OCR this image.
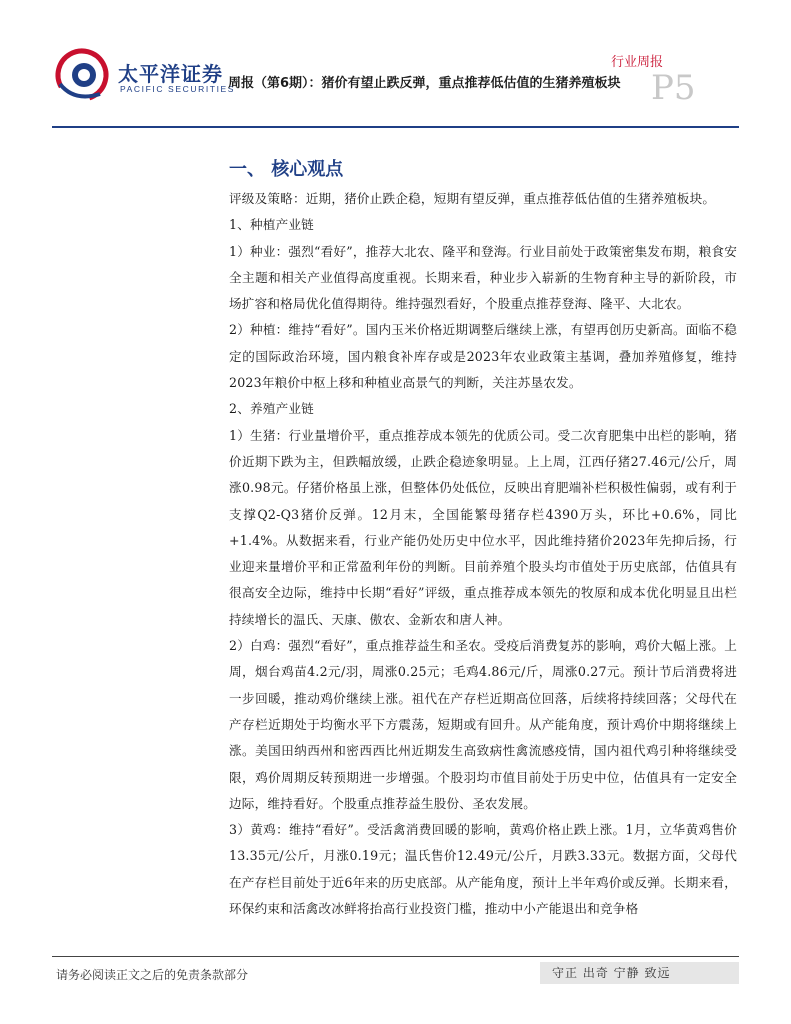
太平洋证券
PACIFIC SECURITIES
行业周报
周报（第6期）：猪价有望止跌反弹，重点推荐低估值的生猪养殖板块 P5
一、 核心观点

评级及策略：近期，猪价止跌企稳，短期有望反弹，重点推荐低估值的生猪养殖板块。

1、种植产业链

1）种业：强烈“看好”，推荐大北农、隆平和登海。行业目前处于政策密集发布期，粮食安全主题和相关产业值得高度重视。长期来看，种业步入崭新的生物育种主导的新阶段，市场扩容和格局优化值得期待。维持强烈看好，个股重点推荐登海、隆平、大北农。

2）种植：维持“看好”。国内玉米价格近期调整后继续上涨，有望再创历史新高。面临不稳定的国际政治环境，国内粮食补库存或是2023年农业政策主基调，叠加养殖修复，维持2023年粮价中枢上移和种植业高景气的判断，关注苏垦农发。

2、养殖产业链

1）生猪：行业量增价平，重点推荐成本领先的优质公司。受二次育肥集中出栏的影响，猪价近期下跌为主，但跌幅放缓，止跌企稳迹象明显。上上周，江西仔猪27.46元/公斤，周涨0.98元。仔猪价格虽上涨，但整体仍处低位，反映出育肥端补栏积极性偏弱，或有利于支撑Q2-Q3猪价反弹。12月末，全国能繁母猪存栏4390万头，环比+0.6%，同比+1.4%。从数据来看，行业产能仍处历史中位水平，因此维持猪价2023年先抑后扬，行业迎来量增价平和正常盈利年份的判断。目前养殖个股头均市值处于历史底部，估值具有很高安全边际，维持中长期“看好”评级，重点推荐成本领先的牧原和成本优化明显且出栏持续增长的温氏、天康、傲农、金新农和唐人神。

2）白鸡：强烈“看好”，重点推荐益生和圣农。受疫后消费复苏的影响，鸡价大幅上涨。上周，烟台鸡苗4.2元/羽，周涨0.25元；毛鸡4.86元/斤，周涨0.27元。预计节后消费将进一步回暖，推动鸡价继续上涨。祖代在产存栏近期高位回落，后续将持续回落；父母代在产存栏近期处于均衡水平下方震荡，短期或有回升。从产能角度，预计鸡价中期将继续上涨。美国田纳西州和密西西比州近期发生高致病性禽流感疫情，国内祖代鸡引种将继续受限，鸡价周期反转预期进一步增强。个股羽均市值目前处于历史中位，估值具有一定安全边际，维持看好。个股重点推荐益生股份、圣农发展。

3）黄鸡：维持“看好”。受活禽消费回暖的影响，黄鸡价格止跌上涨。1月，立华黄鸡售价13.35元/公斤，月涨0.19元；温氏售价12.49元/公斤，月跌3.33元。数据方面，父母代在产存栏目前处于近6年来的历史底部。从产能角度，预计上半年鸡价或反弹。长期来看，环保约束和活禽改冰鲜将抬高行业投资门槛，推动中小产能退出和竞争格

请务必阅读正文之后的免责条款部分	守正 出奇 宁静 致远
